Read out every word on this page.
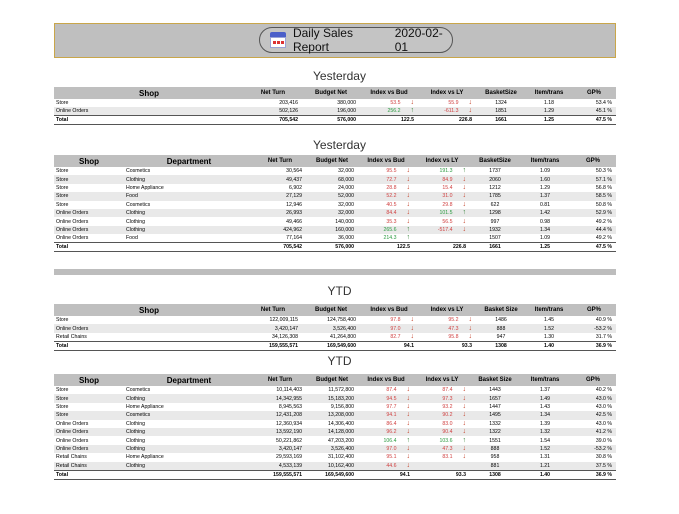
Daily Sales Report
2020-02-01
Yesterday
Shop	Net Turn	Budget Net	Index vs Bud	Index vs LY	BasketSize	Item/trans	GP%
Store	203,416	380,000	53.5 ↓	55.9 ↓	1324	1.18	53.4 %
Online Orders	502,126	196,000	256.2 ↑	-611.3 ↓	1851	1.29	45.1 %
Total	705,542	576,000	122.5	226.8	1661	1.25	47.5 %
Yesterday
Shop	Department	Net Turn	Budget Net	Index vs Bud	Index vs LY	BasketSize	Item/trans	GP%
Store	Cosmetics	30,564	32,000	95.5 ↓	191.3 ↑	1737	1.09	50.3 %
Store	Clothing	49,437	68,000	72.7 ↓	84.9 ↓	2060	1.60	57.1 %
Store	Home Appliance	6,902	24,000	28.8 ↓	15.4 ↓	1212	1.29	56.8 %
Store	Food	27,129	52,000	52.2 ↓	31.0 ↓	1785	1.37	58.5 %
Store	Cosmetics	12,946	32,000	40.5 ↓	29.8 ↓	622	0.81	50.8 %
Online Orders	Clothing	26,993	32,000	84.4 ↓	101.5 ↑	1298	1.42	52.9 %
Online Orders	Clothing	49,466	140,000	35.3 ↓	56.5 ↓	997	0.98	49.2 %
Online Orders	Clothing	424,962	160,000	265.6 ↑	-517.4 ↓	1932	1.34	44.4 %
Online Orders	Food	77,164	36,000	214.3 ↑		1507	1.09	49.2 %
Total		705,542	576,000	122.5	226.8	1661	1.25	47.5 %
YTD
Shop	Net Turn	Budget Net	Index vs Bud	Index vs LY	Basket Size	Item/trans	GP%
Store	122,009,115	124,758,400	97.8 ↓	95.2 ↓	1486	1.45	40.9 %
Online Orders	3,420,147	3,526,400	97.0 ↓	47.3 ↓	888	1.52	-53.2 %
Retail Chains	34,126,308	41,264,800	82.7 ↓	95.8 ↓	947	1.30	31.7 %
Total	159,555,571	169,549,600	94.1	93.3	1308	1.40	36.9 %
YTD
Shop	Department	Net Turn	Budget Net	Index vs Bud	Index vs LY	Basket Size	Item/trans	GP%
Store	Cosmetics	10,114,403	11,572,800	87.4 ↓	87.4 ↓	1443	1.37	40.2 %
Store	Clothing	14,342,955	15,183,200	94.5 ↓	97.3 ↓	1657	1.49	43.0 %
Store	Home Appliance	8,945,563	9,156,800	97.7 ↓	93.2 ↓	1447	1.43	43.0 %
Store	Cosmetics	12,431,208	13,208,000	94.1 ↓	90.2 ↓	1495	1.34	42.5 %
Online Orders	Clothing	12,360,934	14,306,400	86.4 ↓	83.0 ↓	1332	1.39	43.0 %
Online Orders	Clothing	13,592,190	14,128,000	96.2 ↓	90.4 ↓	1322	1.32	41.2 %
Online Orders	Clothing	50,221,862	47,203,200	106.4 ↑	103.6 ↑	1551	1.54	39.0 %
Online Orders	Clothing	3,420,147	3,526,400	97.0 ↓	47.3 ↓	888	1.52	-53.2 %
Retail Chains	Home Appliance	29,593,169	31,102,400	95.1 ↓	83.1 ↓	958	1.31	30.8 %
Retail Chains	Clothing	4,533,139	10,162,400	44.6 ↓		881	1.21	37.5 %
Total		159,555,571	169,549,600	94.1	93.3	1308	1.40	36.9 %
